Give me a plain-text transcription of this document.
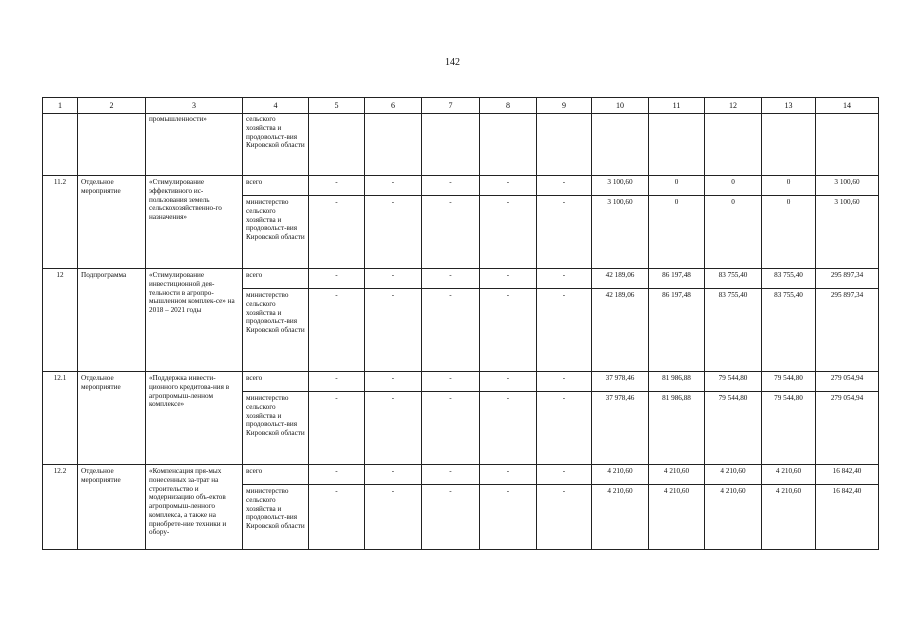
142
1	2	3	4	5	6	7	8	9	10	11	12	13	14
		промышленности»	сельского хозяйства и продовольст-вия Кировской области										
11.2	Отдельное мероприятие	«Стимулирование эффективного ис-пользования земель сельскохозяйственно-го назначения»	всего	-	-	-	-	-	3 100,60	0	0	0	3 100,60
			министерство сельского хозяйства и продовольст-вия Кировской области	-	-	-	-	-	3 100,60	0	0	0	3 100,60
12	Подпрограмма	«Стимулирование инвестиционной дея-тельности в агропро-мышленном комплек-се» на 2018 – 2021 годы	всего	-	-	-	-	-	42 189,06	86 197,48	83 755,40	83 755,40	295 897,34
			министерство сельского хозяйства и продовольст-вия Кировской области	-	-	-	-	-	42 189,06	86 197,48	83 755,40	83 755,40	295 897,34
12.1	Отдельное мероприятие	«Поддержка инвести-ционного кредитова-ния в агропромыш-ленном комплексе»	всего	-	-	-	-	-	37 978,46	81 986,88	79 544,80	79 544,80	279 054,94
			министерство сельского хозяйства и продовольст-вия Кировской области	-	-	-	-	-	37 978,46	81 986,88	79 544,80	79 544,80	279 054,94
12.2	Отдельное мероприятие	«Компенсация пря-мых понесенных за-трат на строительство и модернизацию объ-ектов агропромыш-ленного комплекса, а также на приобрете-ние техники и обору-	всего	-	-	-	-	-	4 210,60	4 210,60	4 210,60	4 210,60	16 842,40
			министерство сельского хозяйства и продовольст-вия Кировской области	-	-	-	-	-	4 210,60	4 210,60	4 210,60	4 210,60	16 842,40
